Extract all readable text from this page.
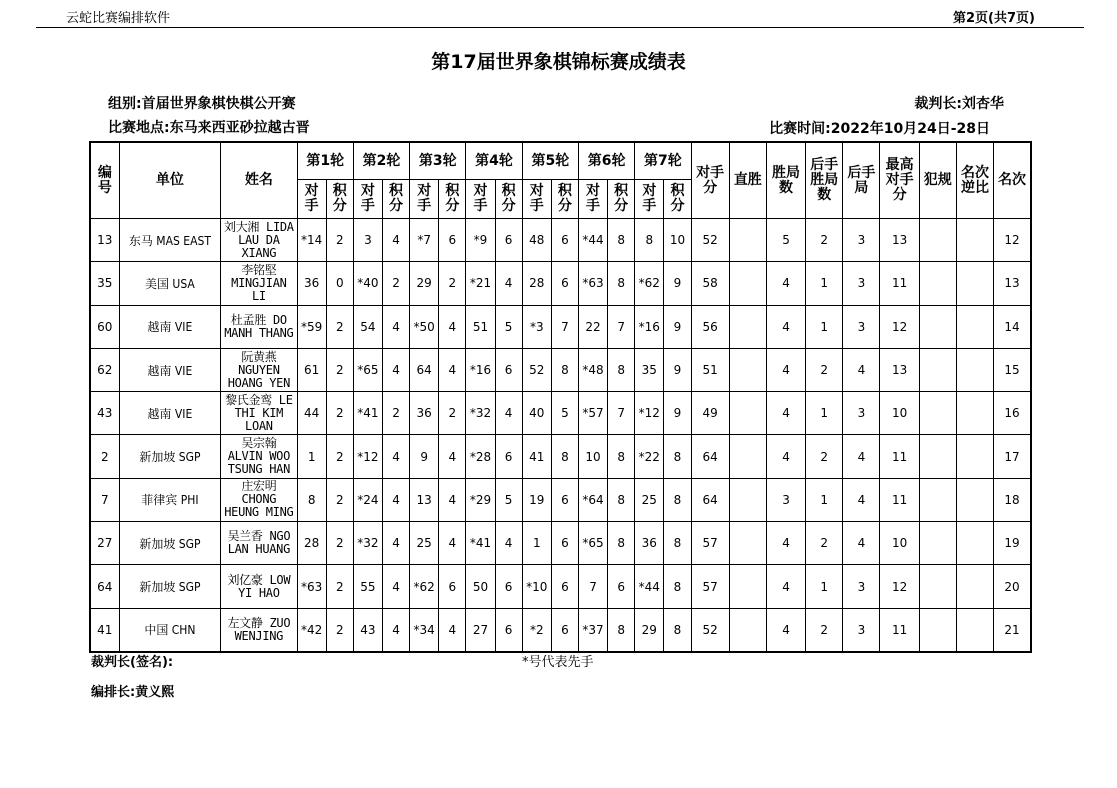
云蛇比赛编排软件	第2页(共7页)
第17届世界象棋锦标赛成绩表
组别:首届世界象棋快棋公开赛	裁判长:刘杏华
比赛地点:东马来西亚砂拉越古晋	比赛时间:2022年10月24日-28日
编号	单位	姓名	第1轮		第2轮		第3轮		第4轮		第5轮		第6轮		第7轮		对手分	直胜	胜局数	后手胜局数	后手局	最高对手分	犯规	名次逆比	名次
			对手	积分	对手	积分	对手	积分	对手	积分	对手	积分	对手	积分	对手	积分									
13	东马 MAS EAST	刘大湘 LIDA LAU DA XIANG	*14	2	3	4	*7	6	*9	6	48	6	*44	8	8	10	52		5	2	3	13			12
35	美国 USA	李铭堅 MINGJIAN LI	36	0	*40	2	29	2	*21	4	28	6	*63	8	*62	9	58		4	1	3	11			13
60	越南 VIE	杜孟胜 DO MANH THANG	*59	2	54	4	*50	4	51	5	*3	7	22	7	*16	9	56		4	1	3	12			14
62	越南 VIE	阮黄燕 NGUYEN HOANG YEN	61	2	*65	4	64	4	*16	6	52	8	*48	8	35	9	51		4	2	4	13			15
43	越南 VIE	黎氏金鸾 LE THI KIM LOAN	44	2	*41	2	36	2	*32	4	40	5	*57	7	*12	9	49		4	1	3	10			16
2	新加坡 SGP	吴宗翰 ALVIN WOO TSUNG HAN	1	2	*12	4	9	4	*28	6	41	8	10	8	*22	8	64		4	2	4	11			17
7	菲律宾 PHI	庄宏明 CHONG HEUNG MING	8	2	*24	4	13	4	*29	5	19	6	*64	8	25	8	64		3	1	4	11			18
27	新加坡 SGP	吴兰香 NGO LAN HUANG	28	2	*32	4	25	4	*41	4	1	6	*65	8	36	8	57		4	2	4	10			19
64	新加坡 SGP	刘亿豪 LOW YI HAO	*63	2	55	4	*62	6	50	6	*10	6	7	6	*44	8	57		4	1	3	12			20
41	中国 CHN	左文静 ZUO WENJING	*42	2	43	4	*34	4	27	6	*2	6	*37	8	29	8	52		4	2	3	11			21
裁判长(签名):	*号代表先手
编排长:黄义熙
